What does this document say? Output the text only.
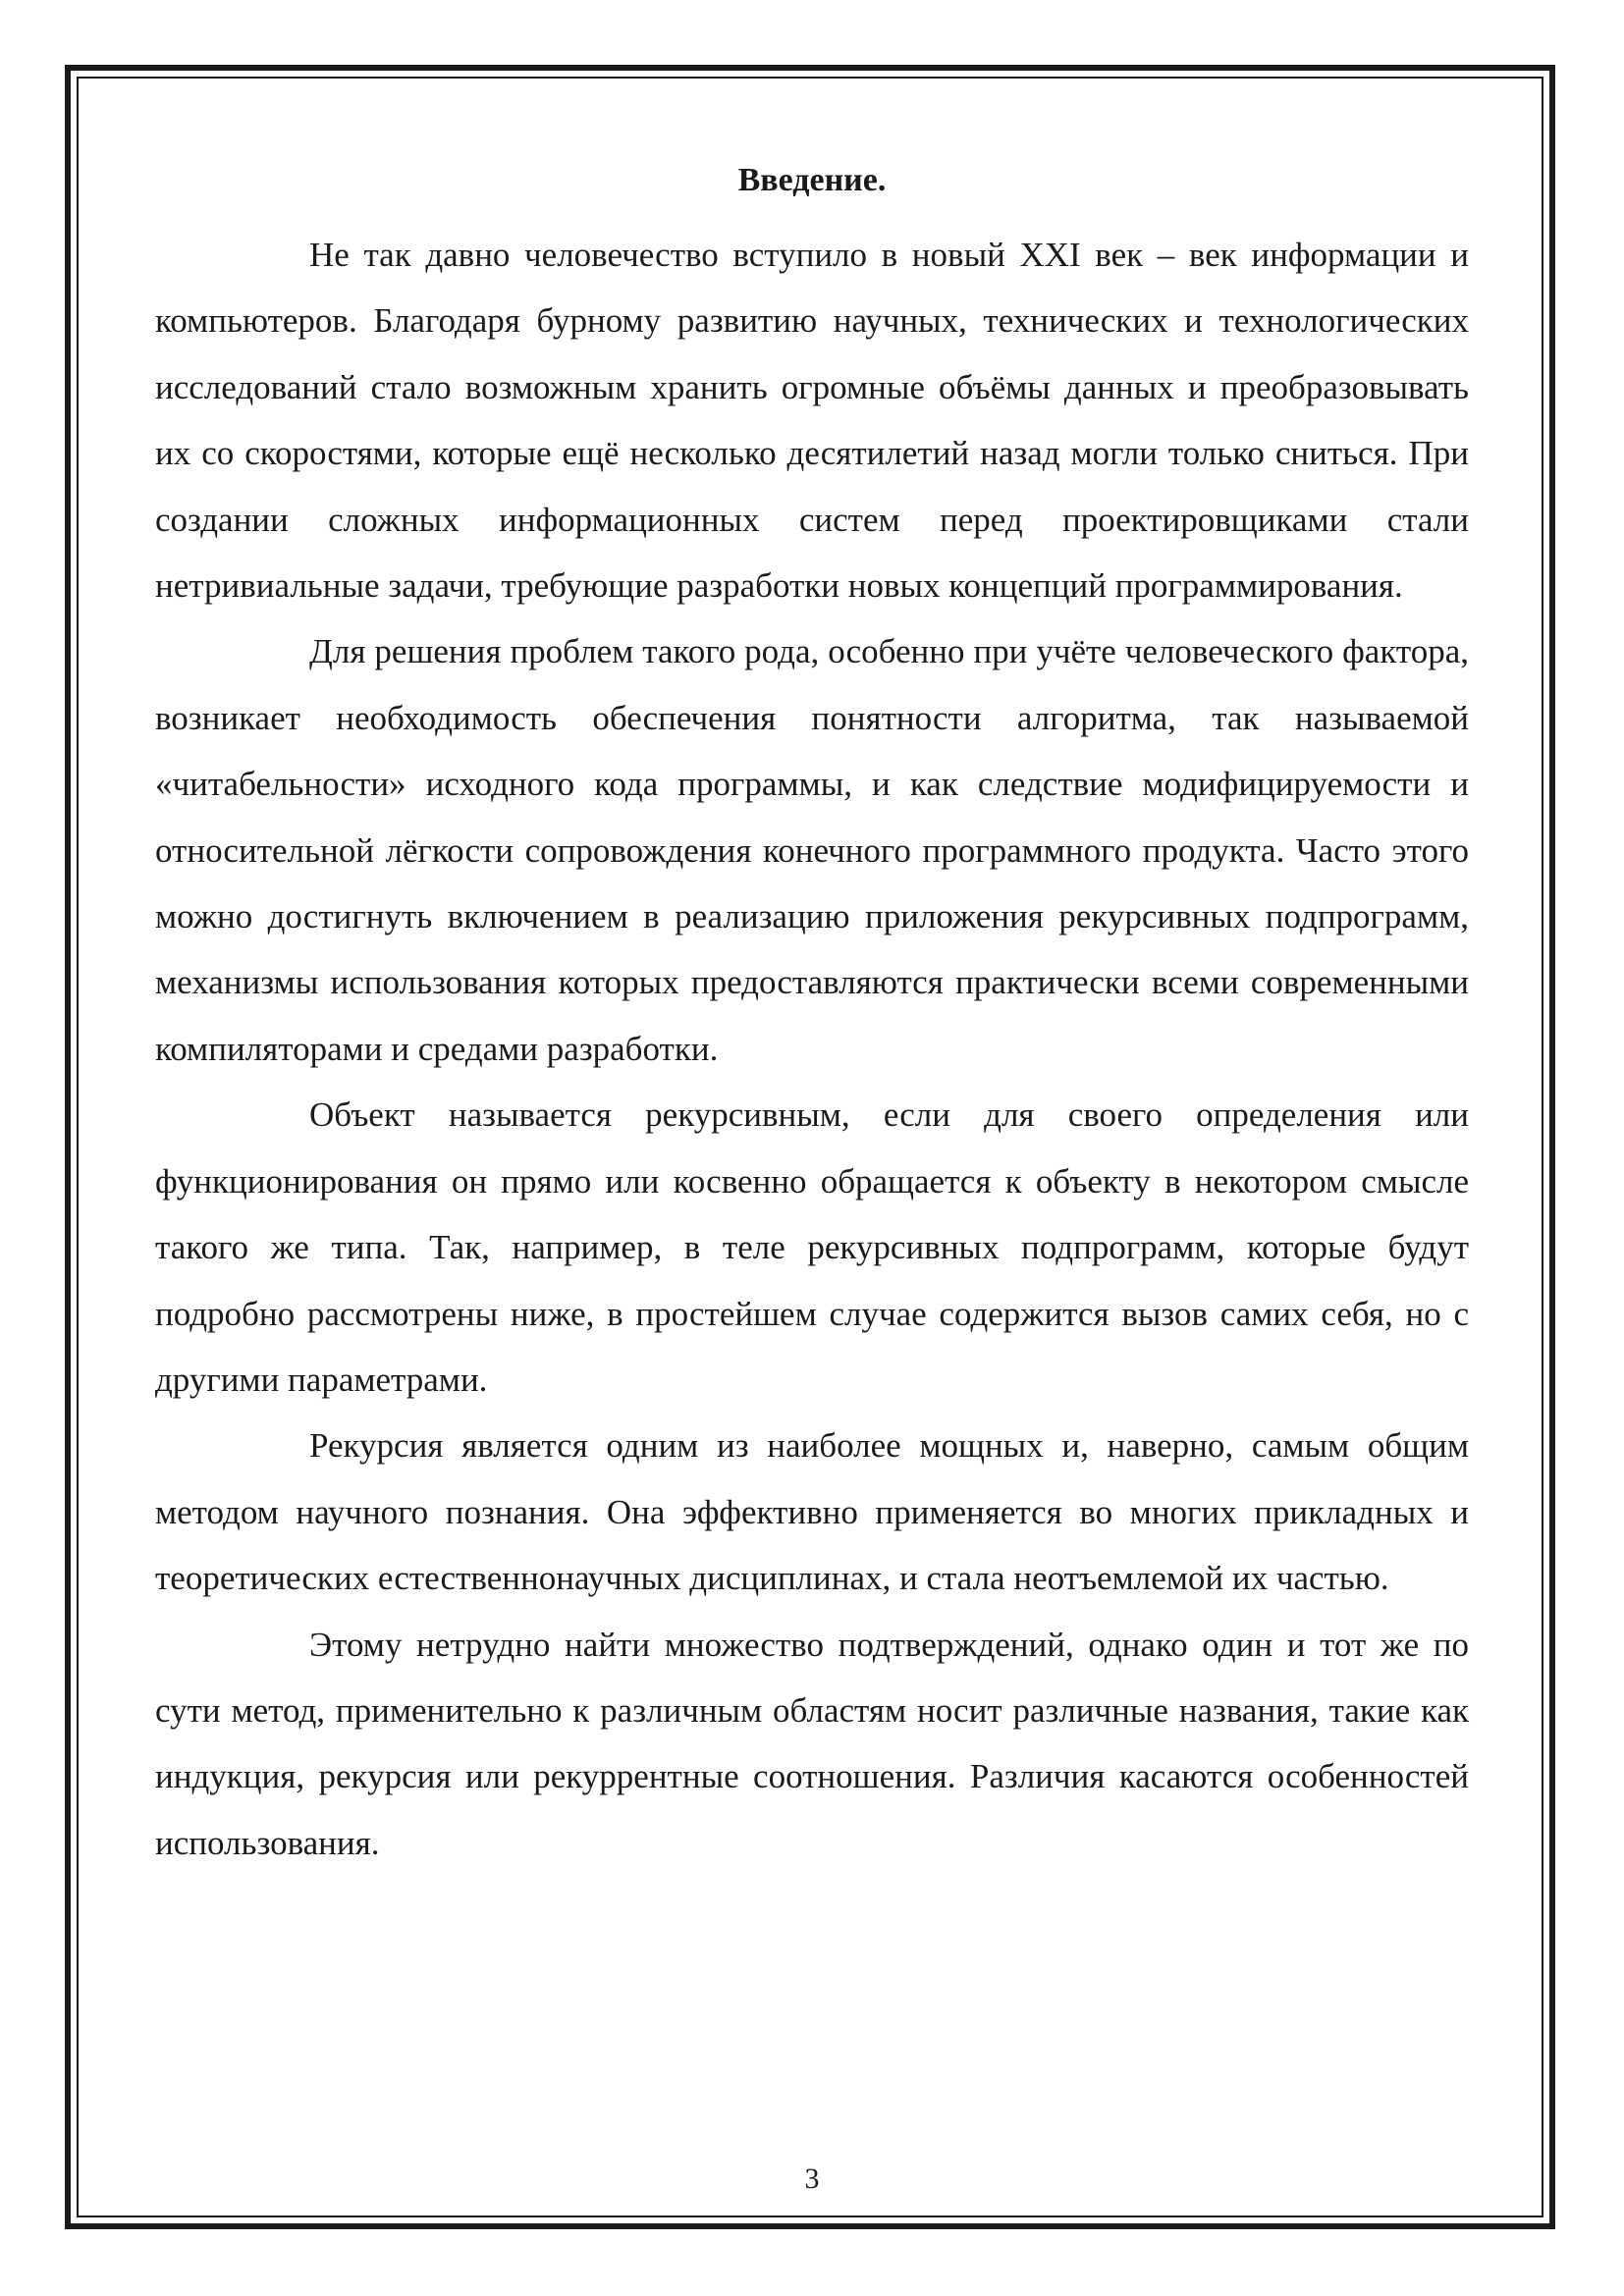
Введение.

Не так давно человечество вступило в новый XXI век – век информации и компьютеров. Благодаря бурному развитию научных, технических и технологических исследований стало возможным хранить огромные объёмы данных и преобразовывать их со скоростями, которые ещё несколько десятилетий назад могли только сниться. При создании сложных информационных систем перед проектировщиками стали нетривиальные задачи, требующие разработки новых концепций программирования.

Для решения проблем такого рода, особенно при учёте человеческого фактора, возникает необходимость обеспечения понятности алгоритма, так называемой «читабельности» исходного кода программы, и как следствие модифицируемости и относительной лёгкости сопровождения конечного программного продукта. Часто этого можно достигнуть включением в реализацию приложения рекурсивных подпрограмм, механизмы использования которых предоставляются практически всеми современными компиляторами и средами разработки.

Объект называется рекурсивным, если для своего определения или функционирования он прямо или косвенно обращается к объекту в некотором смысле такого же типа. Так, например, в теле рекурсивных подпрограмм, которые будут подробно рассмотрены ниже, в простейшем случае содержится вызов самих себя, но с другими параметрами.

Рекурсия является одним из наиболее мощных и, наверно, самым общим методом научного познания. Она эффективно применяется во многих прикладных и теоретических естественнонаучных дисциплинах, и стала неотъемлемой их частью.

Этому нетрудно найти множество подтверждений, однако один и тот же по сути метод, применительно к различным областям носит различные названия, такие как индукция, рекурсия или рекуррентные соотношения. Различия касаются особенностей использования.

3
